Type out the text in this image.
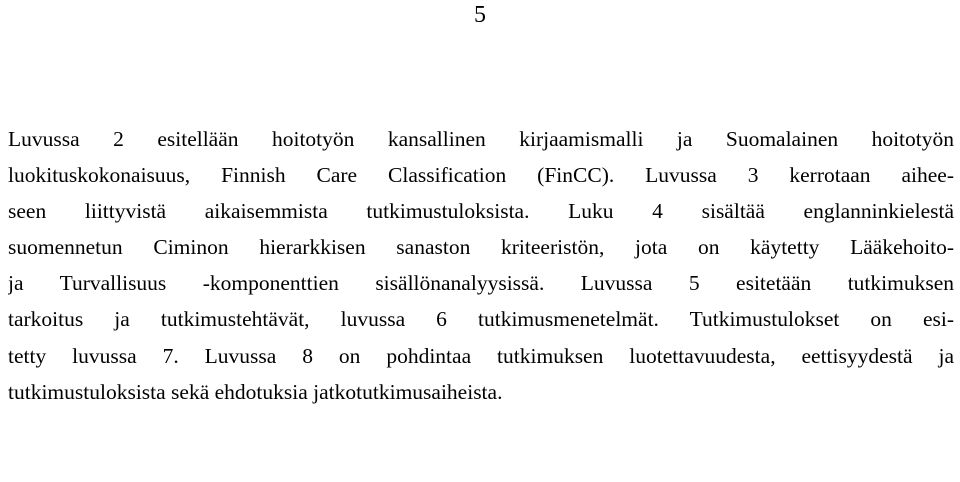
5
Luvussa 2 esitellään hoitotyön kansallinen kirjaamismalli ja Suomalainen hoitotyön
luokituskokonaisuus, Finnish Care Classification (FinCC). Luvussa 3 kerrotaan aihee-
seen liittyvistä aikaisemmista tutkimustuloksista. Luku 4 sisältää englanninkielestä
suomennetun Ciminon hierarkkisen sanaston kriteeristön, jota on käytetty Lääkehoito-
ja Turvallisuus -komponenttien sisällönanalyysissä. Luvussa 5 esitetään tutkimuksen
tarkoitus ja tutkimustehtävät, luvussa 6 tutkimusmenetelmät. Tutkimustulokset on esi-
tetty luvussa 7. Luvussa 8 on pohdintaa tutkimuksen luotettavuudesta, eettisyydestä ja
tutkimustuloksista sekä ehdotuksia jatkotutkimusaiheista.
